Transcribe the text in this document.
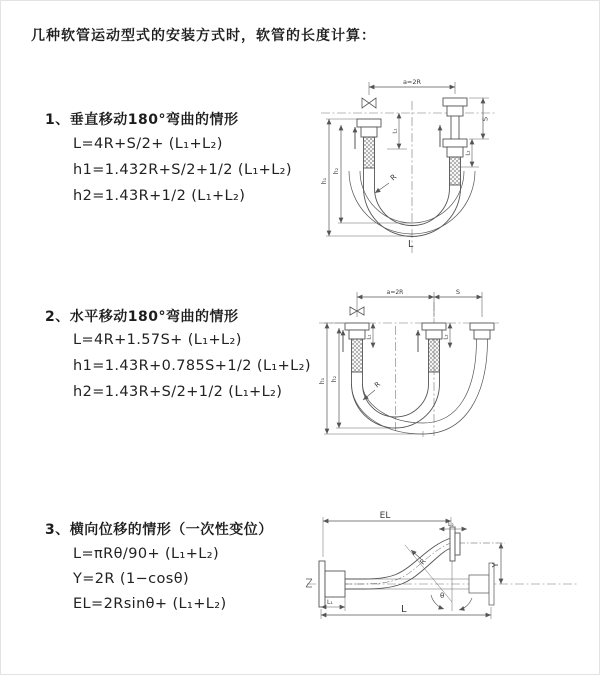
几种软管运动型式的安装方式时，软管的长度计算：
1、垂直移动180°弯曲的情形
L=4R+S/2+ (L₁+L₂)
h1=1.432R+S/2+1/2 (L₁+L₂)
h2=1.43R+1/2 (L₁+L₂)
a=2R
h₁
h₂
L₁
S
L₂
R
L
2、水平移动180°弯曲的情形
L=4R+1.57S+ (L₁+L₂)
h1=1.43R+0.785S+1/2 (L₁+L₂)
h2=1.43R+S/2+1/2 (L₁+L₂)
a=2R	S
h₁ h₂
L₁	L₂
R
3、横向位移的情形（一次性变位）
L=πRθ/90+ (L₁+L₂)
Y=2R (1−cosθ)
EL=2Rsinθ+ (L₁+L₂)
EL
L₂
Y
θ
R
L₁
L
